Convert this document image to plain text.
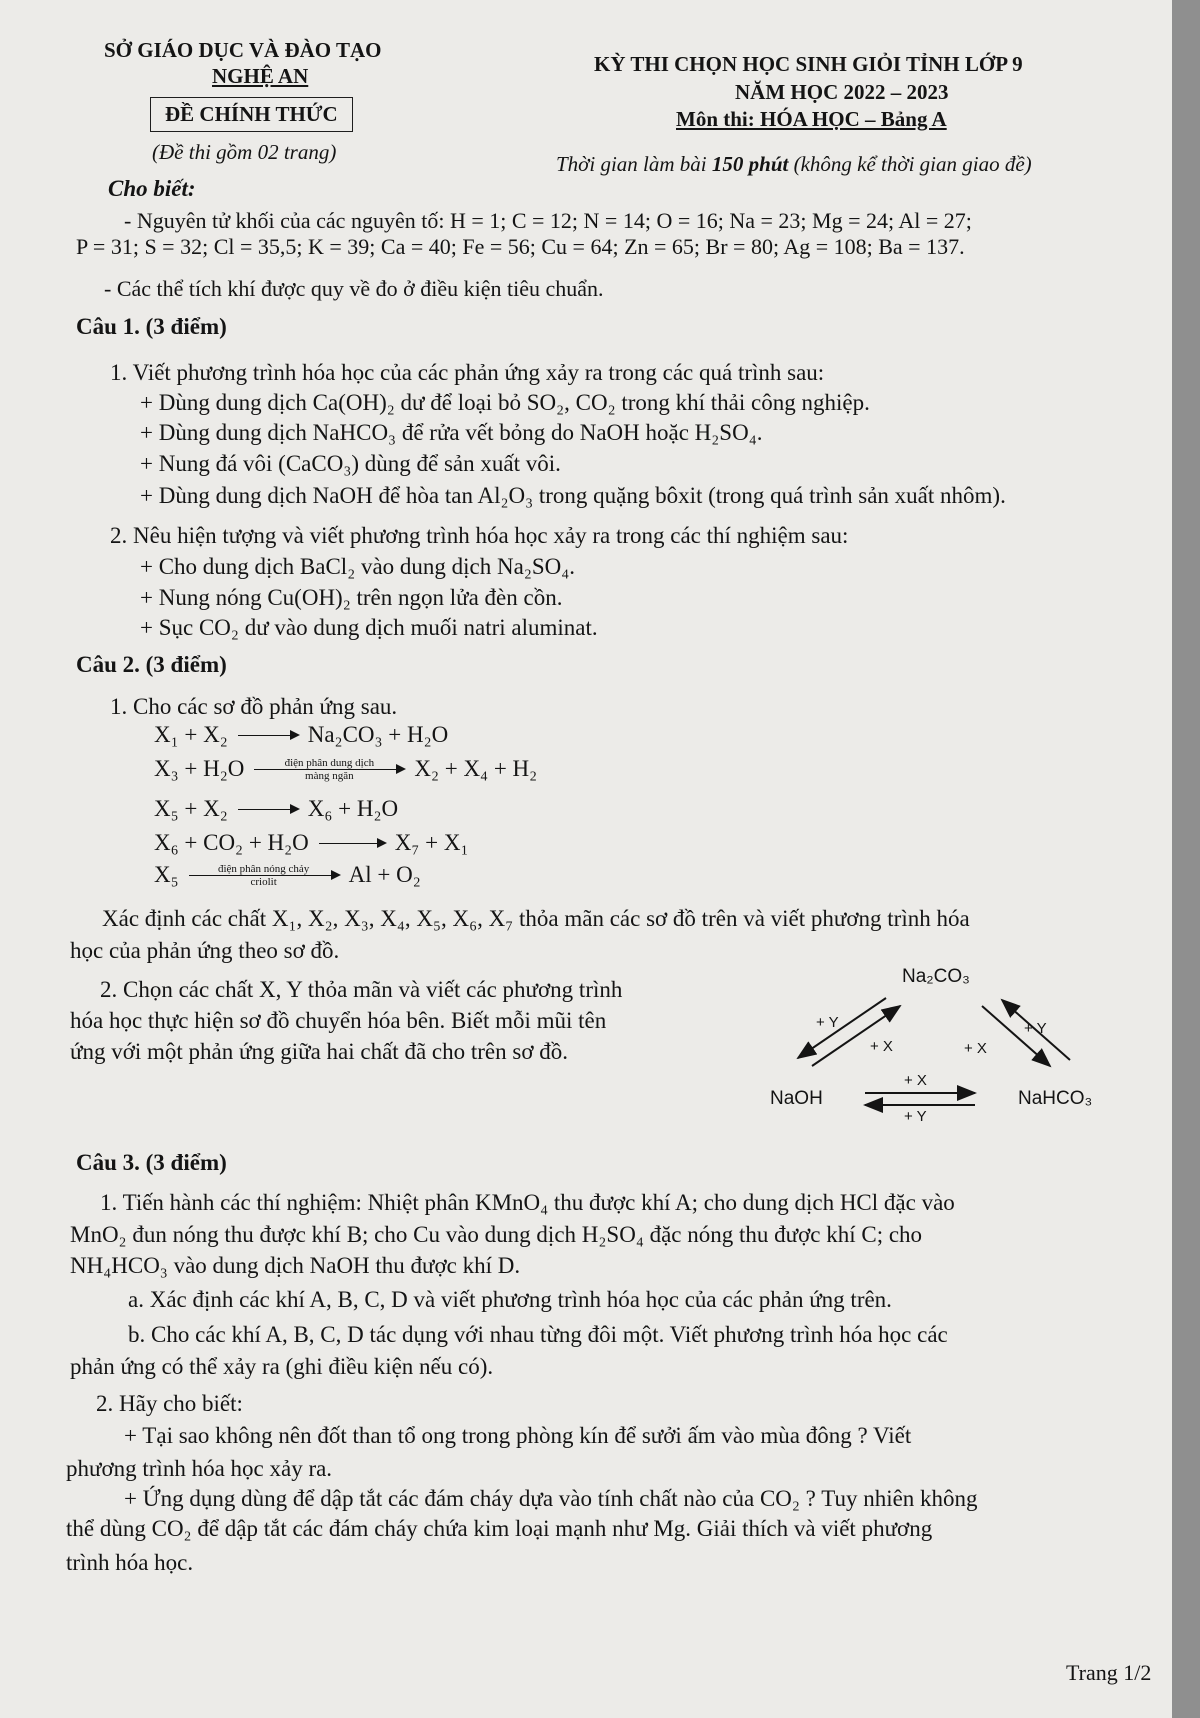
SỞ GIÁO DỤC VÀ ĐÀO TẠO
NGHỆ AN
ĐỀ CHÍNH THỨC
(Đề thi gồm 02 trang)
KỲ THI CHỌN HỌC SINH GIỎI TỈNH LỚP 9
NĂM HỌC 2022 – 2023
Môn thi: HÓA HỌC – Bảng A
Thời gian làm bài 150 phút (không kể thời gian giao đề)
Cho biết:
- Nguyên tử khối của các nguyên tố: H = 1; C = 12; N = 14; O = 16; Na = 23; Mg = 24; Al = 27;
P = 31; S = 32; Cl = 35,5; K = 39; Ca = 40; Fe = 56; Cu = 64; Zn = 65; Br = 80; Ag = 108; Ba = 137.
- Các thể tích khí được quy về đo ở điều kiện tiêu chuẩn.
Câu 1. (3 điểm)
1. Viết phương trình hóa học của các phản ứng xảy ra trong các quá trình sau:
+ Dùng dung dịch Ca(OH)₂ dư để loại bỏ SO₂, CO₂ trong khí thải công nghiệp.
+ Dùng dung dịch NaHCO₃ để rửa vết bỏng do NaOH hoặc H₂SO₄.
+ Nung đá vôi (CaCO₃) dùng để sản xuất vôi.
+ Dùng dung dịch NaOH để hòa tan Al₂O₃ trong quặng bôxit (trong quá trình sản xuất nhôm).
2. Nêu hiện tượng và viết phương trình hóa học xảy ra trong các thí nghiệm sau:
+ Cho dung dịch BaCl₂ vào dung dịch Na₂SO₄.
+ Nung nóng Cu(OH)₂ trên ngọn lửa đèn cồn.
+ Sục CO₂ dư vào dung dịch muối natri aluminat.
Câu 2. (3 điểm)
1. Cho các sơ đồ phản ứng sau.
X₁ + X₂ → Na₂CO₃ + H₂O
X₃ + H₂O	điện phân dung dịch
màng ngăn	X₂ + X₄ + H₂
X₅ + X₂ → X₆ + H₂O
X₆ + CO₂ + H₂O → X₇ + X₁
X₅	điện phân nóng chảy
criolit	Al + O₂
Xác định các chất X₁, X₂, X₃, X₄, X₅, X₆, X₇ thỏa mãn các sơ đồ trên và viết phương trình hóa
học của phản ứng theo sơ đồ.
2. Chọn các chất X, Y thỏa mãn và viết các phương trình
hóa học thực hiện sơ đồ chuyển hóa bên. Biết mỗi mũi tên
ứng với một phản ứng giữa hai chất đã cho trên sơ đồ.
Na₂CO₃
NaOH	NaHCO₃
+ Y
+ X
+ Y
+ X
+ X
+ Y
Câu 3. (3 điểm)
1. Tiến hành các thí nghiệm: Nhiệt phân KMnO₄ thu được khí A; cho dung dịch HCl đặc vào
MnO₂ đun nóng thu được khí B; cho Cu vào dung dịch H₂SO₄ đặc nóng thu được khí C; cho
NH₄HCO₃ vào dung dịch NaOH thu được khí D.
a. Xác định các khí A, B, C, D và viết phương trình hóa học của các phản ứng trên.
b. Cho các khí A, B, C, D tác dụng với nhau từng đôi một. Viết phương trình hóa học các
phản ứng có thể xảy ra (ghi điều kiện nếu có).
2. Hãy cho biết:
+ Tại sao không nên đốt than tổ ong trong phòng kín để sưởi ấm vào mùa đông ? Viết
phương trình hóa học xảy ra.
+ Ứng dụng dùng để dập tắt các đám cháy dựa vào tính chất nào của CO₂ ? Tuy nhiên không
thể dùng CO₂ để dập tắt các đám cháy chứa kim loại mạnh như Mg. Giải thích và viết phương
trình hóa học.
Trang 1/2
